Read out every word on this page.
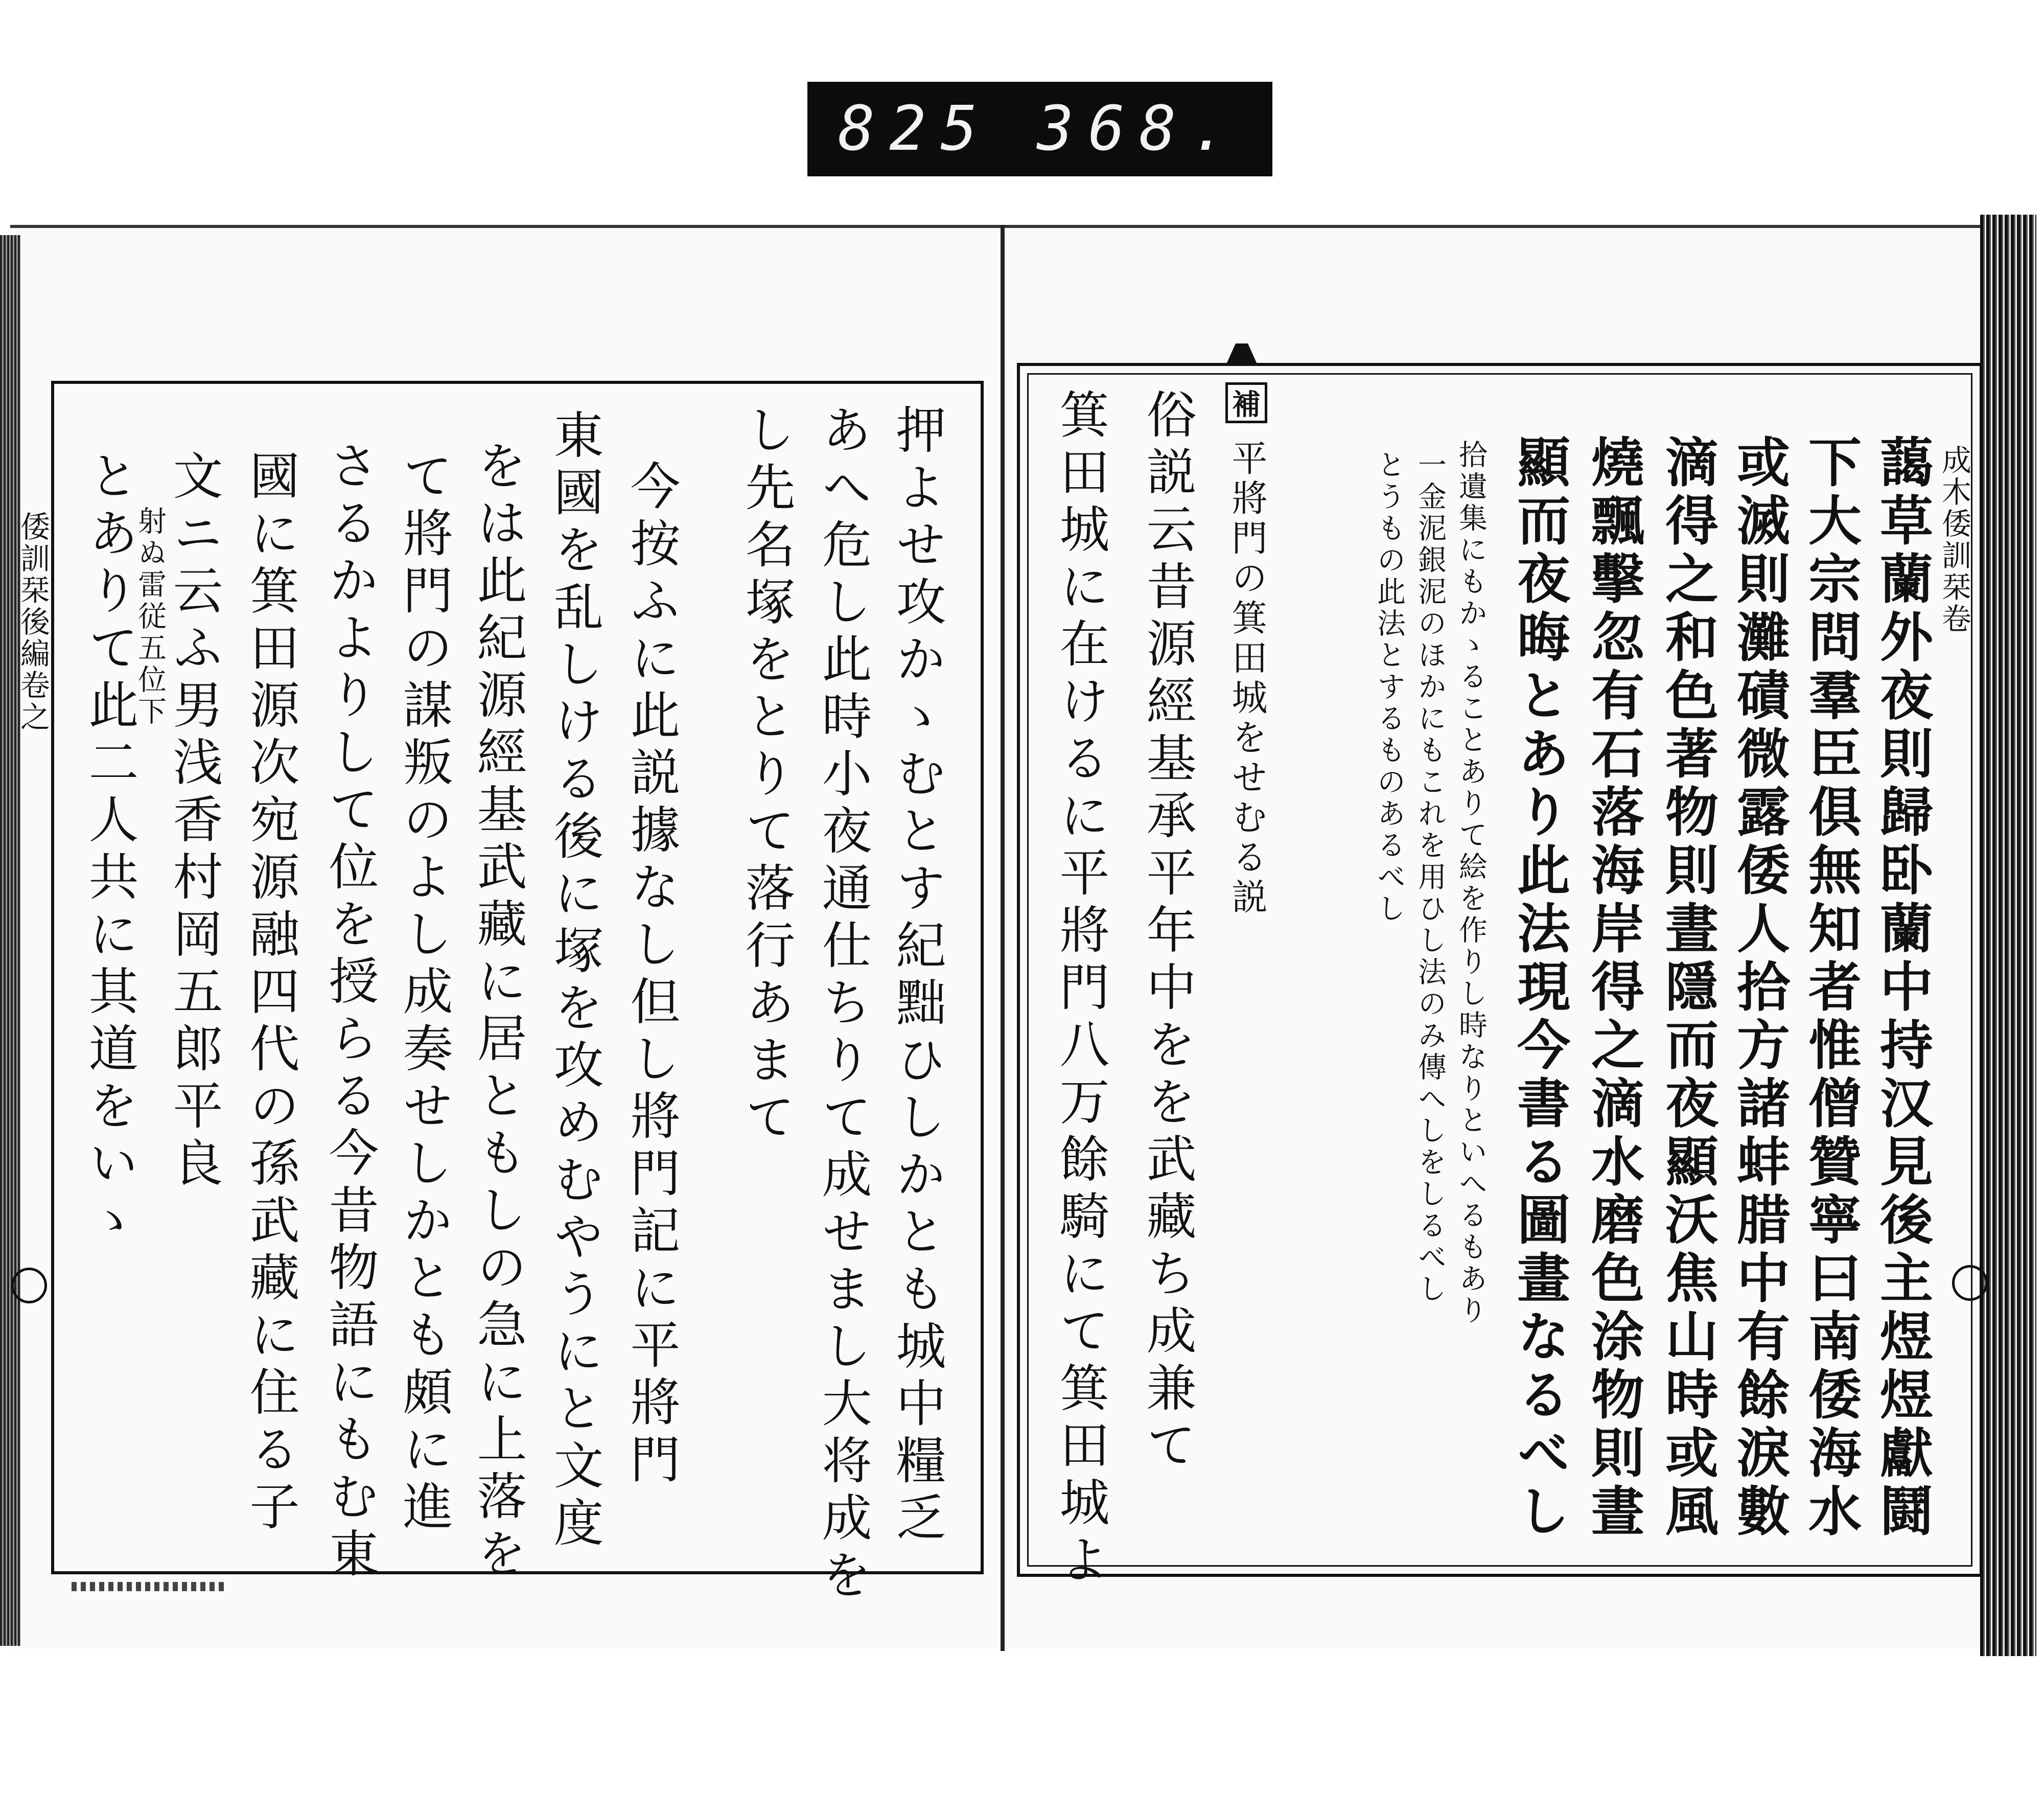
825 368.
成木倭訓栞卷
藹草蘭外夜則歸卧蘭中持汉見後主煜煜獻鬪
下大宗問羣臣俱無知者惟僧贊寧曰南倭海水
或滅則灘磧微露倭人拾方諸蚌腊中有餘淚數
滴得之和色著物則晝隱而夜顯沃焦山時或風
燒飄擊忽有石落海岸得之滴水磨色涂物則晝
顯而夜晦とあり此法現今書る圖畫なるべし
拾遺集にもかゝることありて絵を作りし時なりといへるもあり
一金泥銀泥のほかにもこれを用ひし法のみ傳へしをしるべし
とうもの此法とするものあるべし
補
平將門の箕田城をせむる説
俗説云昔源經基承平年中をを武藏ち成兼て
箕田城に在けるに平將門八万餘騎にて箕田城よ
倭訓栞後編卷之	押よせ攻かゝむとす紀黜ひしかとも城中糧乏
あへ危し此時小夜通仕ちりて成せまし大将成を
し先名塚をとりて落行あまて
今按ふに此説據なし但し將門記に平將門
東國を乱しける後に塚を攻めむやうにと文度
をは此紀源經基武藏に居ともしの急に上落を
て將門の謀叛のよし成奏せしかとも頗に進
さるかよりして位を授らる今昔物語にもむ東
國に箕田源次宛源融四代の孫武藏に住る子
文ニ云ふ男浅香村岡五郎平良
射ぬ雷従五位下
とありて此二人共に其道をいゝ
